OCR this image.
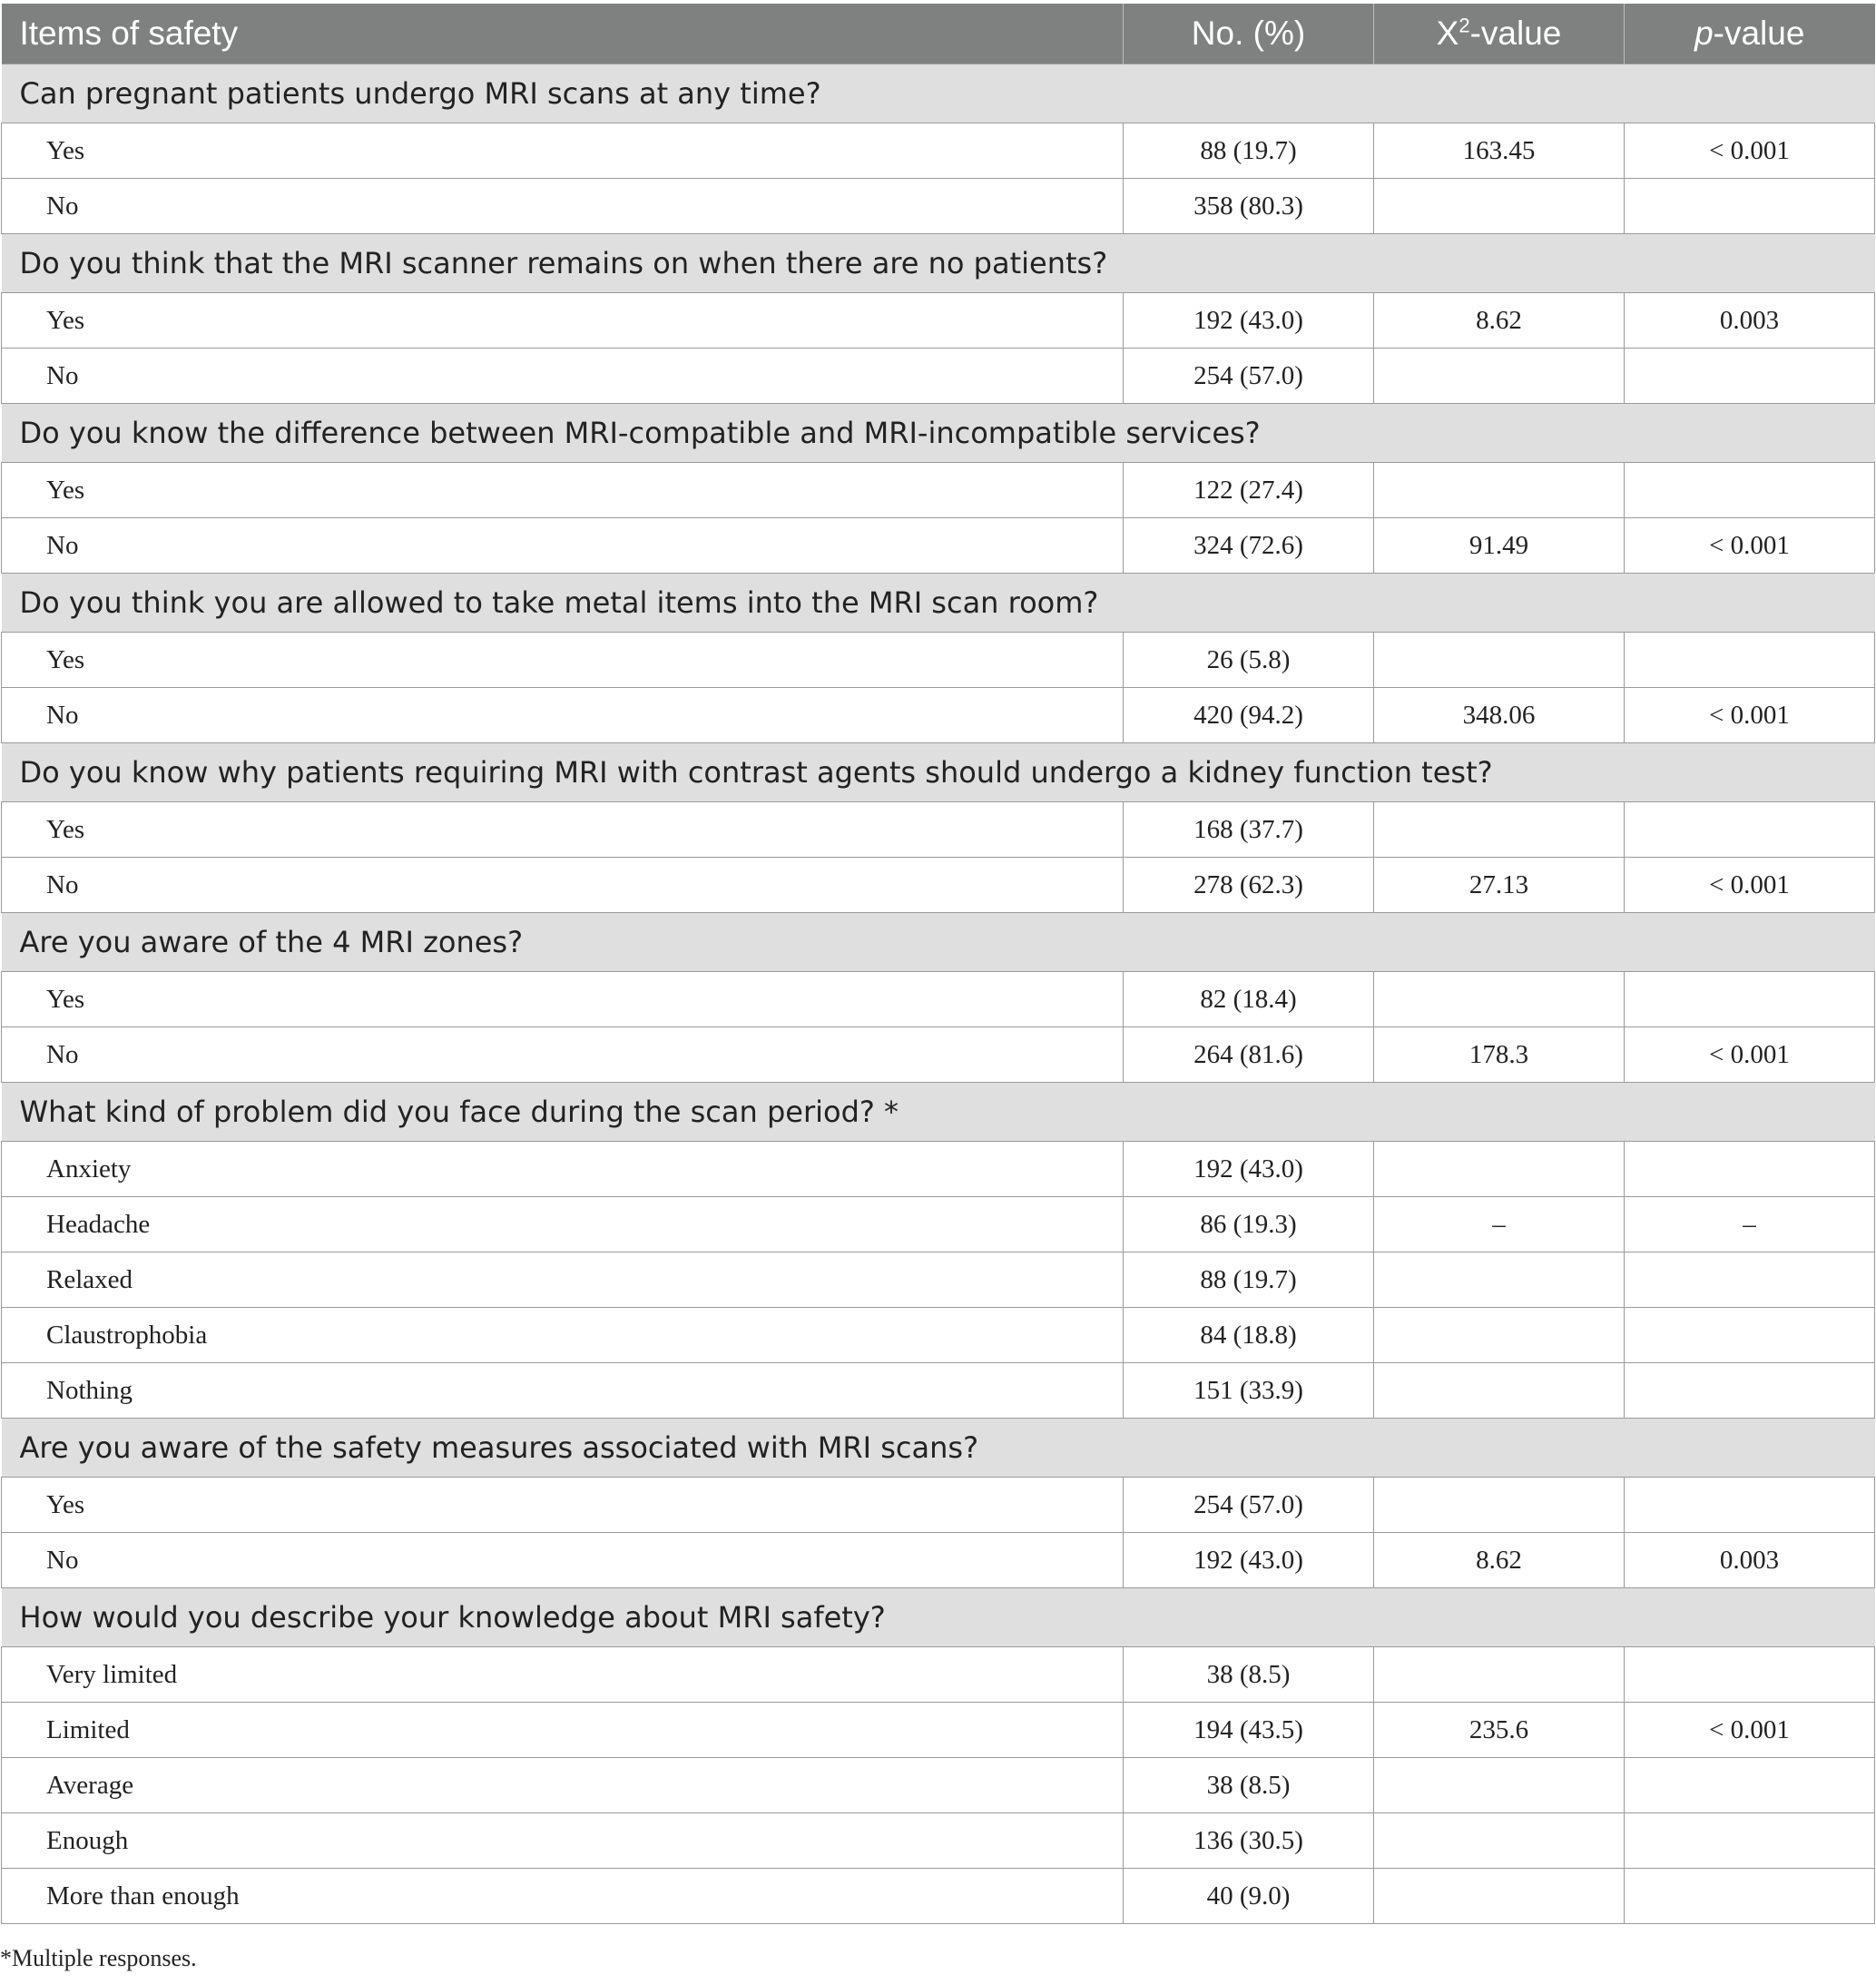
Items of safety	No. (%)	$X^2$-value	p-value
Can pregnant patients undergo MRI scans at any time?			
Yes	88 (19.7)	163.45	< 0.001
No	358 (80.3)		
Do you think that the MRI scanner remains on when there are no patients?			
Yes	192 (43.0)	8.62	0.003
No	254 (57.0)		
Do you know the difference between MRI-compatible and MRI-incompatible services?			
Yes	122 (27.4)		
No	324 (72.6)	91.49	< 0.001
Do you think you are allowed to take metal items into the MRI scan room?			
Yes	26 (5.8)		
No	420 (94.2)	348.06	< 0.001
Do you know why patients requiring MRI with contrast agents should undergo a kidney function test?			
Yes	168 (37.7)		
No	278 (62.3)	27.13	< 0.001
Are you aware of the 4 MRI zones?			
Yes	82 (18.4)		
No	264 (81.6)	178.3	< 0.001
What kind of problem did you face during the scan period? *			
Anxiety	192 (43.0)		
Headache	86 (19.3)	–	–
Relaxed	88 (19.7)		
Claustrophobia	84 (18.8)		
Nothing	151 (33.9)		
Are you aware of the safety measures associated with MRI scans?			
Yes	254 (57.0)		
No	192 (43.0)	8.62	0.003
How would you describe your knowledge about MRI safety?			
Very limited	38 (8.5)		
Limited	194 (43.5)	235.6	< 0.001
Average	38 (8.5)		
Enough	136 (30.5)		
More than enough	40 (9.0)		
*Multiple responses.
